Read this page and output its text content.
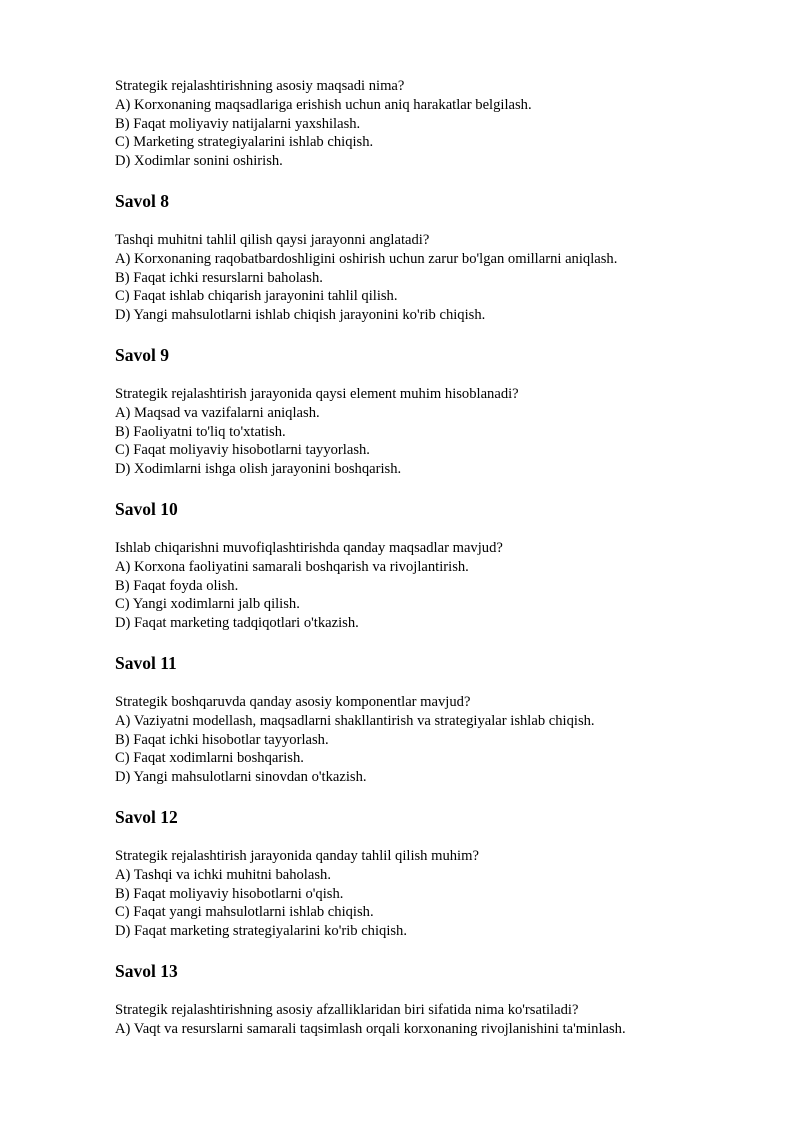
Strategik rejalashtirishning asosiy maqsadi nima?

A) Korxonaning maqsadlariga erishish uchun aniq harakatlar belgilash.

B) Faqat moliyaviy natijalarni yaxshilash.

C) Marketing strategiyalarini ishlab chiqish.

D) Xodimlar sonini oshirish.

Savol 8

Tashqi muhitni tahlil qilish qaysi jarayonni anglatadi?

A) Korxonaning raqobatbardoshligini oshirish uchun zarur bo'lgan omillarni aniqlash.

B) Faqat ichki resurslarni baholash.

C) Faqat ishlab chiqarish jarayonini tahlil qilish.

D) Yangi mahsulotlarni ishlab chiqish jarayonini ko'rib chiqish.

Savol 9

Strategik rejalashtirish jarayonida qaysi element muhim hisoblanadi?

A) Maqsad va vazifalarni aniqlash.

B) Faoliyatni to'liq to'xtatish.

C) Faqat moliyaviy hisobotlarni tayyorlash.

D) Xodimlarni ishga olish jarayonini boshqarish.

Savol 10

Ishlab chiqarishni muvofiqlashtirishda qanday maqsadlar mavjud?

A) Korxona faoliyatini samarali boshqarish va rivojlantirish.

B) Faqat foyda olish.

C) Yangi xodimlarni jalb qilish.

D) Faqat marketing tadqiqotlari o'tkazish.

Savol 11

Strategik boshqaruvda qanday asosiy komponentlar mavjud?

A) Vaziyatni modellash, maqsadlarni shakllantirish va strategiyalar ishlab chiqish.

B) Faqat ichki hisobotlar tayyorlash.

C) Faqat xodimlarni boshqarish.

D) Yangi mahsulotlarni sinovdan o'tkazish.

Savol 12

Strategik rejalashtirish jarayonida qanday tahlil qilish muhim?

A) Tashqi va ichki muhitni baholash.

B) Faqat moliyaviy hisobotlarni o'qish.

C) Faqat yangi mahsulotlarni ishlab chiqish.

D) Faqat marketing strategiyalarini ko'rib chiqish.

Savol 13

Strategik rejalashtirishning asosiy afzalliklaridan biri sifatida nima ko'rsatiladi?

A) Vaqt va resurslarni samarali taqsimlash orqali korxonaning rivojlanishini ta'minlash.
